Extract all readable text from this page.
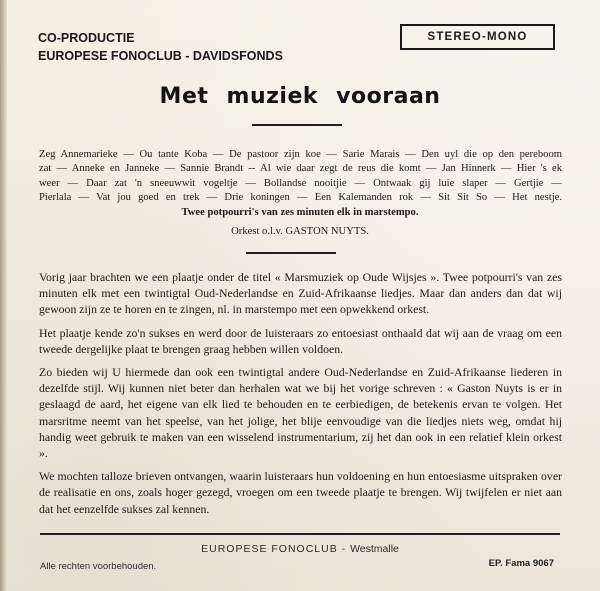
CO-PRODUCTIE
EUROPESE FONOCLUB - DAVIDSFONDS
STEREO-MONO
Met muziek vooraan
Zeg Annemarieke — Ou tante Koba — De pastoor zijn koe — Sarie Marais — Den uyl die op den pereboom
zat — Anneke en Janneke — Sannie Brandt -- Al wie daar zegt de reus die komt — Jan Hinnerk — Hier 's ek
weer — Daar zat 'n sneeuwwit vogeltje — Bollandse nooitjie — Ontwaak gij luie slaper — Gertjie —
Pierlala — Vat jou goed en trek — Drie koningen — Een Kalemanden rok — Sit Sit So — Het nestje.
Twee potpourri's van zes minuten elk in marstempo.
Orkest o.l.v. GASTON NUYTS.

Vorig jaar brachten we een plaatje onder de titel « Marsmuziek op Oude Wijsjes ». Twee potpourri's van zes minuten elk met een twintigtal Oud-Nederlandse en Zuid-Afrikaanse liedjes. Maar dan anders dan dat wij gewoon zijn ze te horen en te zingen, nl. in marstempo met een opwekkend orkest.

Het plaatje kende zo'n sukses en werd door de luisteraars zo entoesiast onthaald dat wij aan de vraag om een tweede dergelijke plaat te brengen graag hebben willen voldoen.

Zo bieden wij U hiermede dan ook een twintigtal andere Oud-Nederlandse en Zuid-Afrikaanse liederen in dezelfde stijl. Wij kunnen niet beter dan herhalen wat we bij het vorige schreven : « Gaston Nuyts is er in geslaagd de aard, het eigene van elk lied te behouden en te eerbiedigen, de betekenis ervan te volgen. Het marsritme neemt van het speelse, van het jolige, het blije eenvoudige van die liedjes niets weg, omdat hij handig weet gebruik te maken van een wisselend instrumentarium, zij het dan ook in een relatief klein orkest ».

We mochten talloze brieven ontvangen, waarin luisteraars hun voldoening en hun entoesiasme uitspraken over de realisatie en ons, zoals hoger gezegd, vroegen om een tweede plaatje te brengen. Wij twijfelen er niet aan dat het eenzelfde sukses zal kennen.

EUROPESE FONOCLUB - Westmalle
Alle rechten voorbehouden.	EP. Fama 9067
